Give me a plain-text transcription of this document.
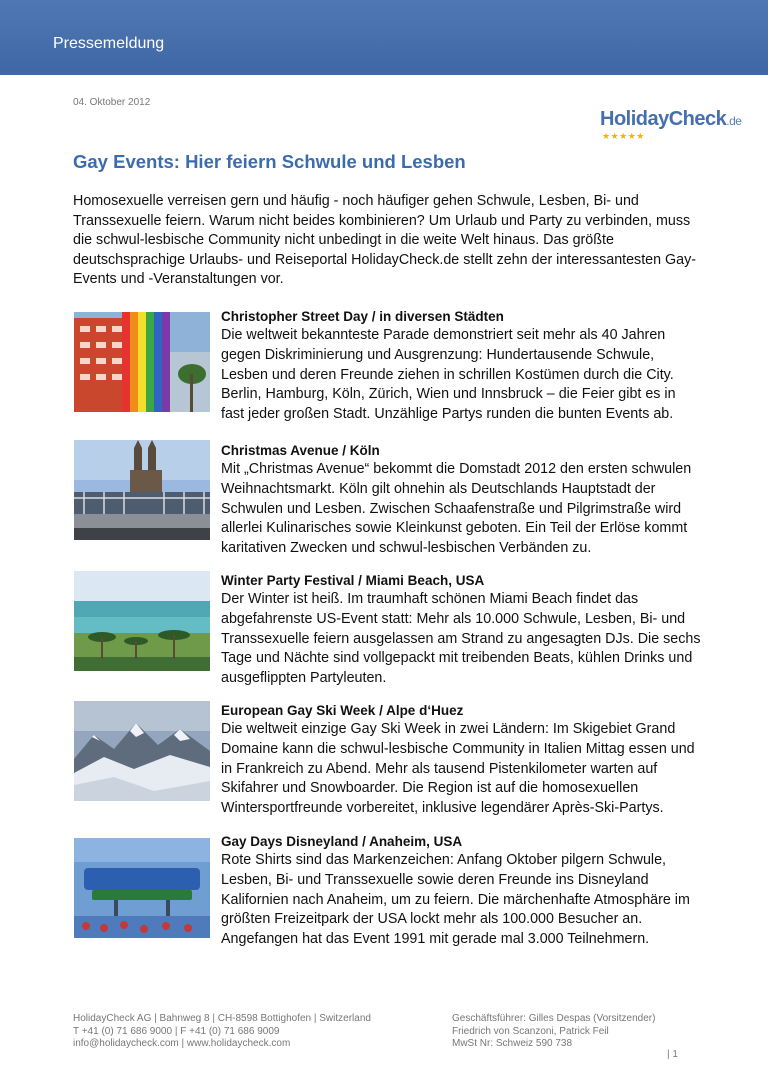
Pressemeldung
04. Oktober 2012
HolidayCheck.de
★★★★★
Gay Events: Hier feiern Schwule und Lesben

Homosexuelle verreisen gern und häufig - noch häufiger gehen Schwule, Lesben, Bi- und Transsexuelle feiern. Warum nicht beides kombinieren? Um Urlaub und Party zu verbinden, muss die schwul-lesbische Community nicht unbedingt in die weite Welt hinaus. Das größte deutschsprachige Urlaubs- und Reiseportal HolidayCheck.de stellt zehn der interessantesten Gay-Events und -Veranstaltungen vor.

Christopher Street Day / in diversen Städten

Die weltweit bekannteste Parade demonstriert seit mehr als 40 Jahren gegen Diskriminierung und Ausgrenzung: Hundertausende Schwule, Lesben und deren Freunde ziehen in schrillen Kostümen durch die City. Berlin, Hamburg, Köln, Zürich, Wien und Innsbruck – die Feier gibt es in fast jeder großen Stadt. Unzählige Partys runden die bunten Events ab.

Christmas Avenue / Köln

Mit „Christmas Avenue“ bekommt die Domstadt 2012 den ersten schwulen Weihnachtsmarkt. Köln gilt ohnehin als Deutschlands Hauptstadt der Schwulen und Lesben. Zwischen Schaafenstraße und Pilgrimstraße wird allerlei Kulinarisches sowie Kleinkunst geboten. Ein Teil der Erlöse kommt karitativen Zwecken und schwul-lesbischen Verbänden zu.

Winter Party Festival / Miami Beach, USA

Der Winter ist heiß. Im traumhaft schönen Miami Beach findet das abgefahrenste US-Event statt: Mehr als 10.000 Schwule, Lesben, Bi- und Transsexuelle feiern ausgelassen am Strand zu angesagten DJs. Die sechs Tage und Nächte sind vollgepackt mit treibenden Beats, kühlen Drinks und ausgeflippten Partyleuten.

European Gay Ski Week / Alpe d‘Huez

Die weltweit einzige Gay Ski Week in zwei Ländern: Im Skigebiet Grand Domaine kann die schwul-lesbische Community in Italien Mittag essen und in Frankreich zu Abend. Mehr als tausend Pistenkilometer warten auf Skifahrer und Snowboarder. Die Region ist auf die homosexuellen Wintersportfreunde vorbereitet, inklusive legendärer Après-Ski-Partys.

Gay Days Disneyland / Anaheim, USA

Rote Shirts sind das Markenzeichen: Anfang Oktober pilgern Schwule, Lesben, Bi- und Transsexuelle sowie deren Freunde ins Disneyland Kalifornien nach Anaheim, um zu feiern. Die märchenhafte Atmosphäre im größten Freizeitpark der USA lockt mehr als 100.000 Besucher an. Angefangen hat das Event 1991 mit gerade mal 3.000 Teilnehmern.

HolidayCheck AG | Bahnweg 8 | CH-8598 Bottighofen | Switzerland
T +41 (0) 71 686 9000 | F +41 (0) 71 686 9009
info@holidaycheck.com | www.holidaycheck.com
Geschäftsführer: Gilles Despas (Vorsitzender)
Friedrich von Scanzoni, Patrick Feil
MwSt Nr: Schweiz 590 738
| 1
